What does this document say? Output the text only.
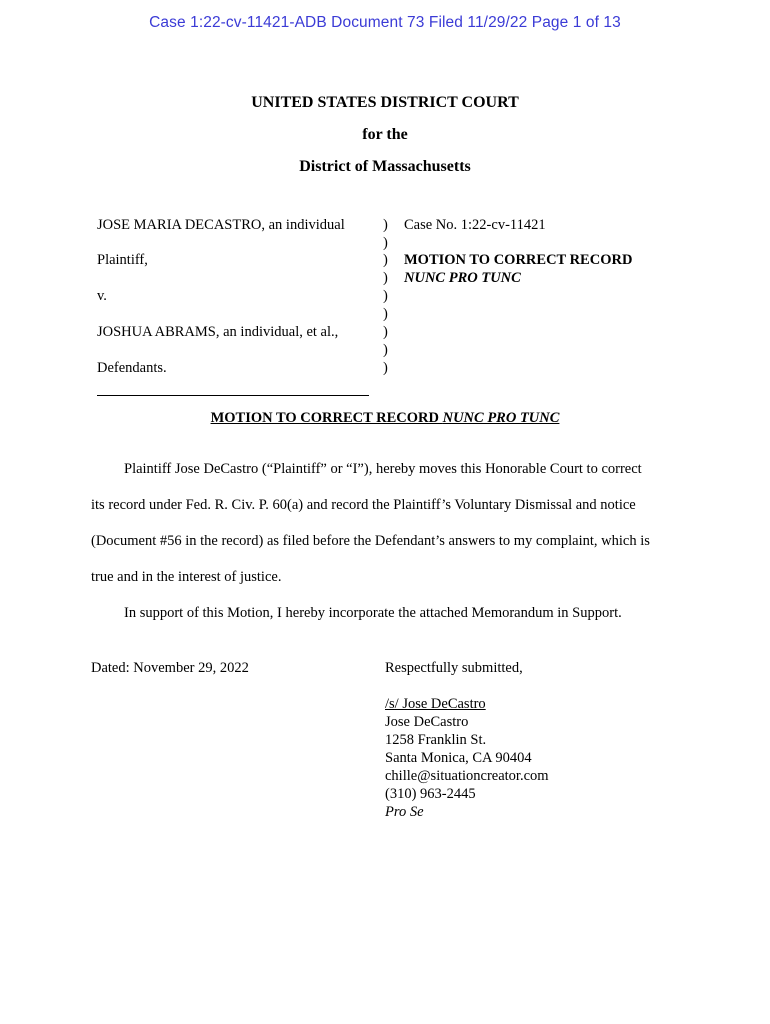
Case 1:22-cv-11421-ADB Document 73 Filed 11/29/22 Page 1 of 13
UNITED STATES DISTRICT COURT
for the
District of Massachusetts
JOSE MARIA DECASTRO, an individual
Plaintiff,
v.
JOSHUA ABRAMS, an individual, et al.,
Defendants.
)
)
)
)
)
)
)
)
)
Case No. 1:22-cv-11421
MOTION TO CORRECT RECORD
NUNC PRO TUNC
MOTION TO CORRECT RECORD NUNC PRO TUNC
Plaintiff Jose DeCastro (“Plaintiff” or “I”), hereby moves this Honorable Court to correct
its record under Fed. R. Civ. P. 60(a) and record the Plaintiff’s Voluntary Dismissal and notice
(Document #56 in the record) as filed before the Defendant’s answers to my complaint, which is
true and in the interest of justice.
In support of this Motion, I hereby incorporate the attached Memorandum in Support.
Dated: November 29, 2022	Respectfully submitted,
/s/ Jose DeCastro
Jose DeCastro
1258 Franklin St.
Santa Monica, CA 90404
chille@situationcreator.com
(310) 963-2445
Pro Se
